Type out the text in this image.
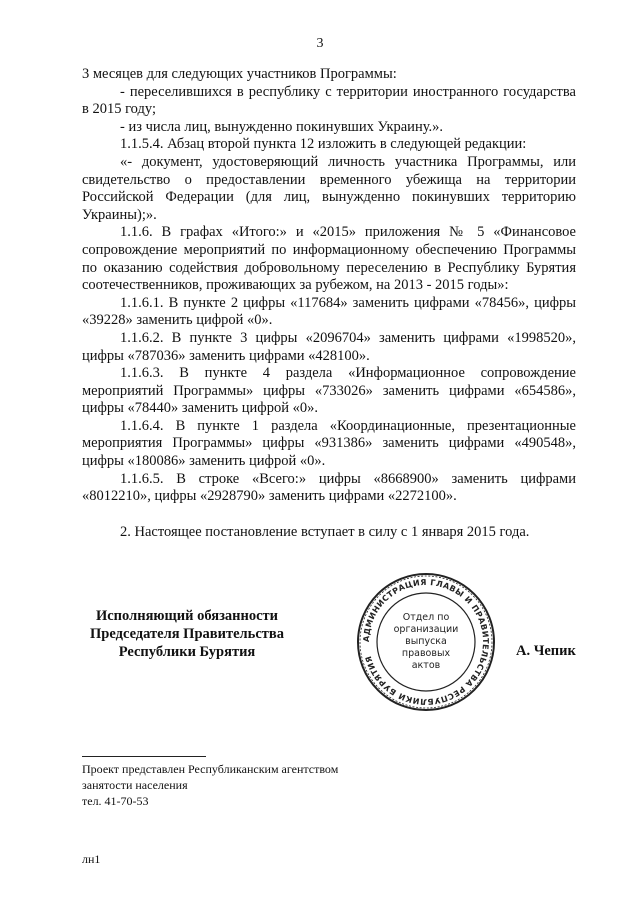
3

3 месяцев для следующих участников Программы:

- переселившихся в республику с территории иностранного государства в 2015 году;

- из числа лиц, вынужденно покинувших Украину.».

1.1.5.4. Абзац второй пункта 12 изложить в следующей редакции:

«- документ, удостоверяющий личность участника Программы, или свидетельство о предоставлении временного убежища на территории Российской Федерации (для лиц, вынужденно покинувших территорию Украины);».

1.1.6. В графах «Итого:» и «2015» приложения № 5 «Финансовое сопровождение мероприятий по информационному обеспечению Программы по оказанию содействия добровольному переселению в Республику Бурятия соотечественников, проживающих за рубежом, на 2013 - 2015 годы»:

1.1.6.1. В пункте 2 цифры «117684» заменить цифрами «78456», цифры «39228» заменить цифрой «0».

1.1.6.2. В пункте 3 цифры «2096704» заменить цифрами «1998520», цифры «787036» заменить цифрами «428100».

1.1.6.3. В пункте 4 раздела «Информационное сопровождение мероприятий Программы» цифры «733026» заменить цифрами «654586», цифры «78440» заменить цифрой «0».

1.1.6.4. В пункте 1 раздела «Координационные, презентационные мероприятия Программы» цифры «931386» заменить цифрами «490548», цифры «180086» заменить цифрой «0».

1.1.6.5. В строке «Всего:» цифры «8668900» заменить цифрами «8012210», цифры «2928790» заменить цифрами «2272100».

2. Настоящее постановление вступает в силу с 1 января 2015 года.

Исполняющий обязанности
Председателя Правительства
Республики Бурятия
АДМИНИСТРАЦИЯ ГЛАВЫ И ПРАВИТЕЛЬСТВА РЕСПУБЛИКИ БУРЯТИЯ
Отдел по
организации
выпуска
правовых
актов
А. Чепик
Проект представлен Республиканским агентством
занятости населения
тел. 41-70-53
лн1
